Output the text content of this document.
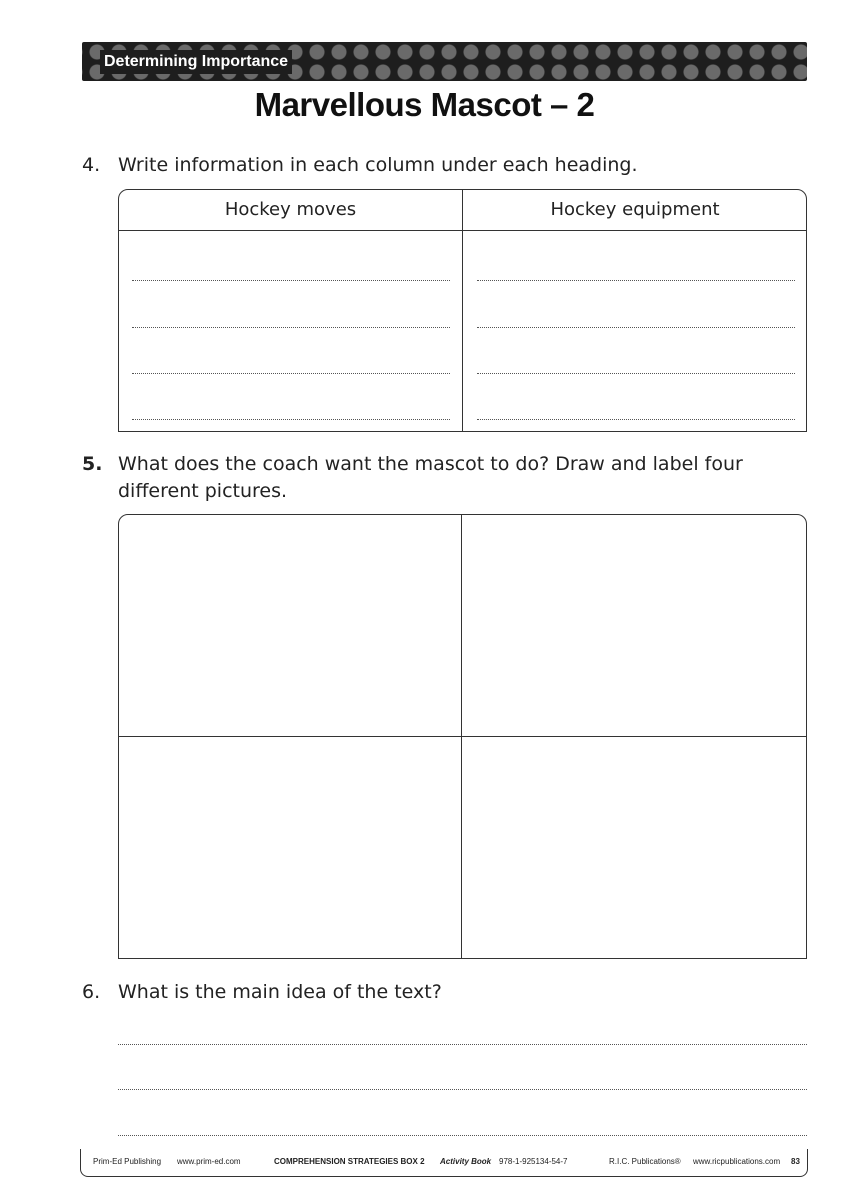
Determining Importance
Marvellous Mascot – 2
4. Write information in each column under each heading.
Hockey moves	Hockey equipment
5. What does the coach want the mascot to do? Draw and label four different pictures.
6. What is the main idea of the text?
Prim-Ed Publishing www.prim-ed.com	COMPREHENSION STRATEGIES BOX 2 Activity Book 978-1-925134-54-7	R.I.C. Publications® www.ricpublications.com 83
